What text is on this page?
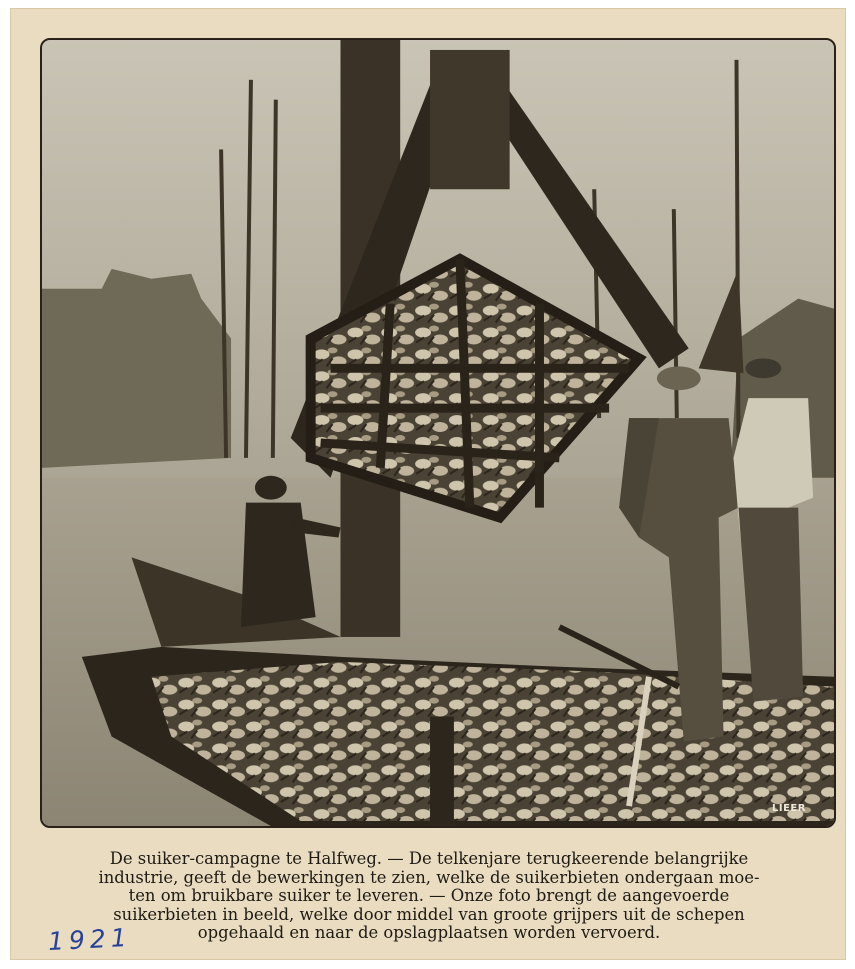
LIEER
De suiker-campagne te Halfweg. — De telkenjare terugkeerende belangrijke
industrie, geeft de bewerkingen te zien, welke de suikerbieten ondergaan moe-
ten om bruikbare suiker te leveren. — Onze foto brengt de aangevoerde
suikerbieten in beeld, welke door middel van groote grijpers uit de schepen
opgehaald en naar de opslagplaatsen worden vervoerd.
1921
